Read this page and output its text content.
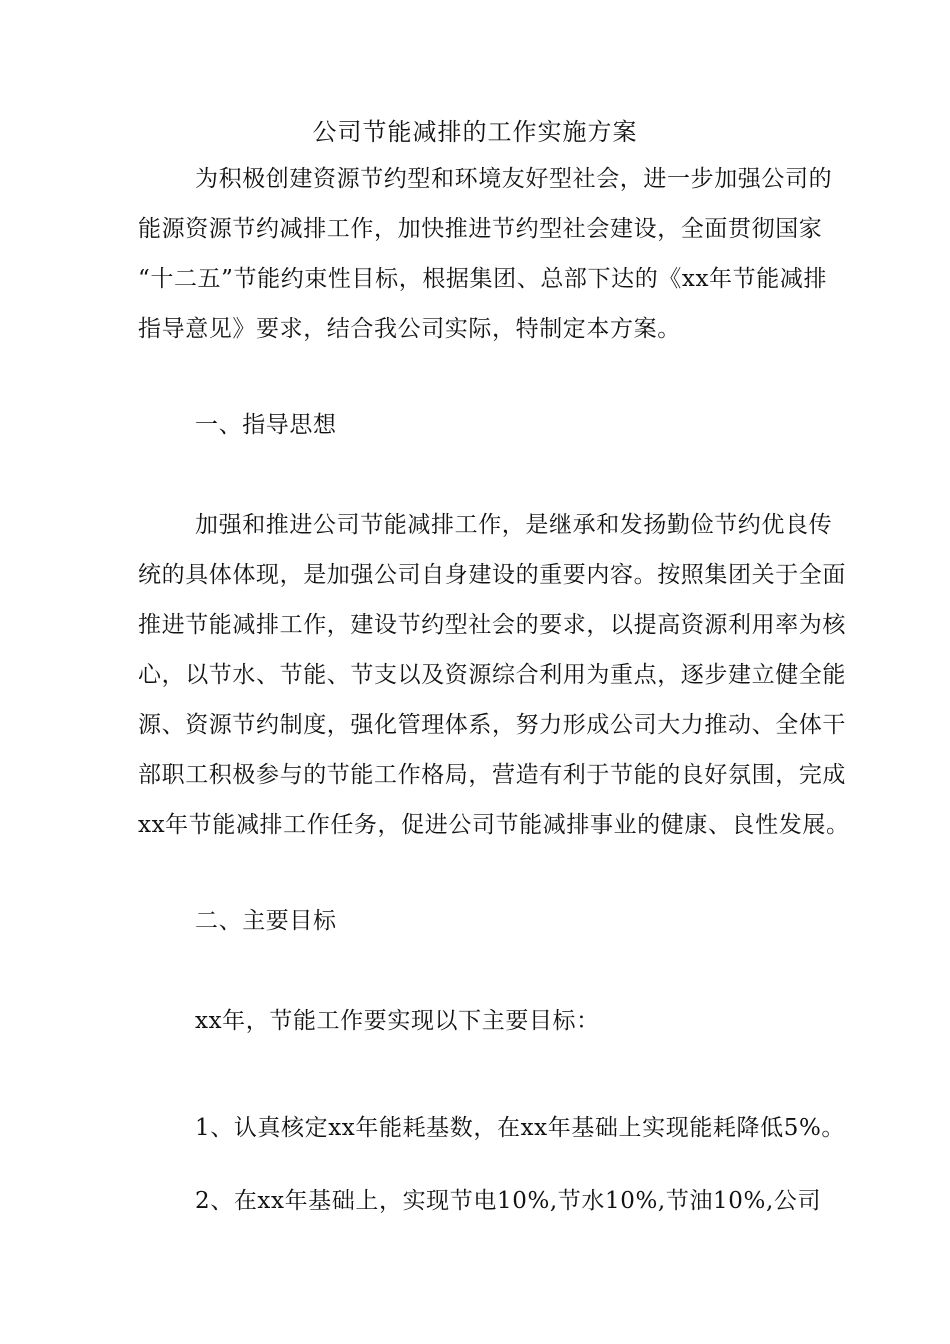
公司节能减排的工作实施方案
为积极创建资源节约型和环境友好型社会，进一步加强公司的
能源资源节约减排工作，加快推进节约型社会建设，全面贯彻国家
“十二五”节能约束性目标，根据集团、总部下达的《xx年节能减排
指导意见》要求，结合我公司实际，特制定本方案。
一、指导思想
加强和推进公司节能减排工作，是继承和发扬勤俭节约优良传
统的具体体现，是加强公司自身建设的重要内容。按照集团关于全面
推进节能减排工作，建设节约型社会的要求，以提高资源利用率为核
心，以节水、节能、节支以及资源综合利用为重点，逐步建立健全能
源、资源节约制度，强化管理体系，努力形成公司大力推动、全体干
部职工积极参与的节能工作格局，营造有利于节能的良好氛围，完成
xx年节能减排工作任务，促进公司节能减排事业的健康、良性发展。
二、主要目标
xx年，节能工作要实现以下主要目标：
1、认真核定xx年能耗基数，在xx年基础上实现能耗降低5%。
2、在xx年基础上，实现节电10%,节水10%,节油10%,公司
